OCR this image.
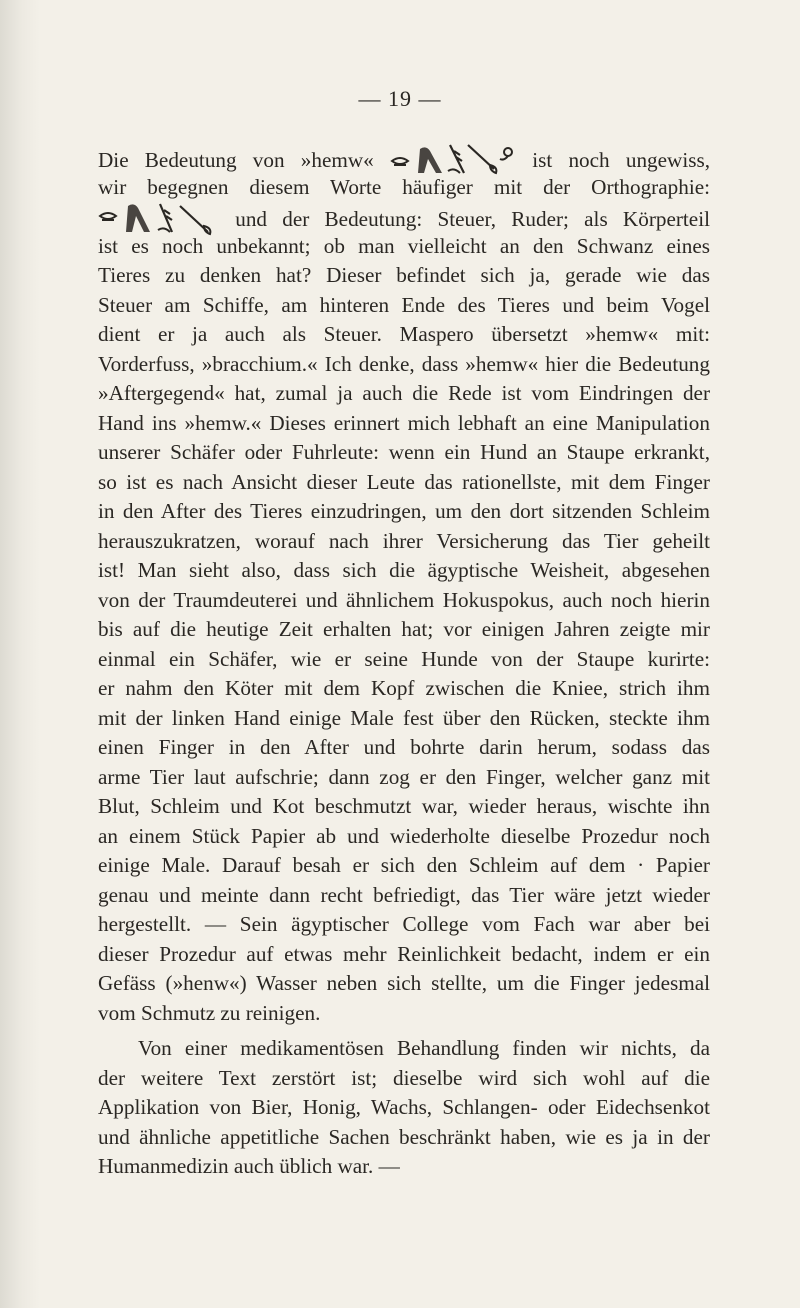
— 19 —
Die Bedeutung von »hemw«	ist noch ungewiss,
wir begegnen diesem Worte häufiger mit der Orthographie:
und der Bedeutung: Steuer, Ruder; als Körperteil
ist es noch unbekannt; ob man vielleicht an den Schwanz eines
Tieres zu denken hat? Dieser befindet sich ja, gerade wie das
Steuer am Schiffe, am hinteren Ende des Tieres und beim Vogel
dient er ja auch als Steuer. Maspero übersetzt »hemw« mit:
Vorderfuss, »bracchium.« Ich denke, dass »hemw« hier die Bedeutung
»Aftergegend« hat, zumal ja auch die Rede ist vom Eindringen der
Hand ins »hemw.« Dieses erinnert mich lebhaft an eine Manipulation
unserer Schäfer oder Fuhrleute: wenn ein Hund an Staupe erkrankt,
so ist es nach Ansicht dieser Leute das rationellste, mit dem Finger
in den After des Tieres einzudringen, um den dort sitzenden Schleim
herauszukratzen, worauf nach ihrer Versicherung das Tier geheilt
ist! Man sieht also, dass sich die ägyptische Weisheit, abgesehen
von der Traumdeuterei und ähnlichem Hokuspokus, auch noch hierin
bis auf die heutige Zeit erhalten hat; vor einigen Jahren zeigte mir
einmal ein Schäfer, wie er seine Hunde von der Staupe kurirte:
er nahm den Köter mit dem Kopf zwischen die Kniee, strich ihm
mit der linken Hand einige Male fest über den Rücken, steckte ihm
einen Finger in den After und bohrte darin herum, sodass das
arme Tier laut aufschrie; dann zog er den Finger, welcher ganz mit
Blut, Schleim und Kot beschmutzt war, wieder heraus, wischte ihn
an einem Stück Papier ab und wiederholte dieselbe Prozedur noch
einige Male. Darauf besah er sich den Schleim auf dem · Papier
genau und meinte dann recht befriedigt, das Tier wäre jetzt wieder
hergestellt. — Sein ägyptischer College vom Fach war aber bei
dieser Prozedur auf etwas mehr Reinlichkeit bedacht, indem er ein
Gefäss (»henw«) Wasser neben sich stellte, um die Finger jedesmal
vom Schmutz zu reinigen.
Von einer medikamentösen Behandlung finden wir nichts, da
der weitere Text zerstört ist; dieselbe wird sich wohl auf die
Applikation von Bier, Honig, Wachs, Schlangen- oder Eidechsenkot
und ähnliche appetitliche Sachen beschränkt haben, wie es ja in der
Humanmedizin auch üblich war. —
